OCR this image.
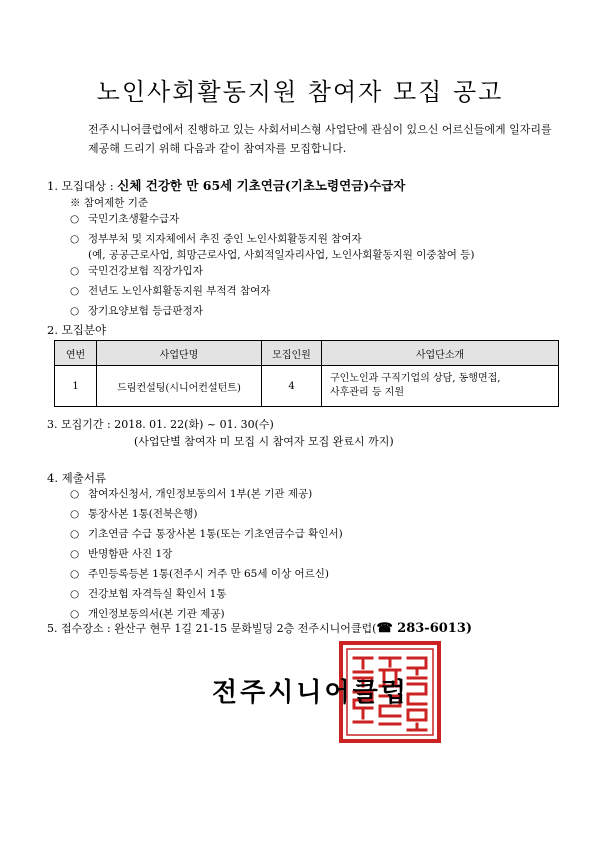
노인사회활동지원 참여자 모집 공고
전주시니어클럽에서 진행하고 있는 사회서비스형 사업단에 관심이 있으신 어르신들에게 일자리를 제공해 드리기 위해 다음과 같이 참여자를 모집합니다.
1. 모집대상 : 신체 건강한 만 65세 기초연금(기초노령연금)수급자
※ 참여제한 기준
○ 국민기초생활수급자
○ 정부부처 및 지자체에서 추진 중인 노인사회활동지원 참여자
(예, 공공근로사업, 희망근로사업, 사회적일자리사업, 노인사회활동지원 이중참여 등)
○ 국민건강보험 직장가입자
○ 전년도 노인사회활동지원 부적격 참여자
○ 장기요양보험 등급판정자
2. 모집분야
연번	사업단명	모집인원	사업단소개
1	드림컨설팅(시니어컨설턴트)	4	구인노인과 구직기업의 상담, 동행면접,
사후관리 등 지원
3. 모집기간 : 2018. 01. 22(화) ~ 01. 30(수)
(사업단별 참여자 미 모집 시 참여자 모집 완료시 까지)
4. 제출서류
○ 참여자신청서, 개인정보동의서 1부(본 기관 제공)
○ 통장사본 1통(전북은행)
○ 기초연금 수급 통장사본 1통(또는 기초연금수급 확인서)
○ 반명함판 사진 1장
○ 주민등록등본 1통(전주시 거주 만 65세 이상 어르신)
○ 건강보험 자격득실 확인서 1통
○ 개인정보동의서(본 기관 제공)
5. 접수장소 : 완산구 현무 1길 21-15 문화빌딩 2층 전주시니어클럽(☎ 283-6013)
전주시니어클럽
